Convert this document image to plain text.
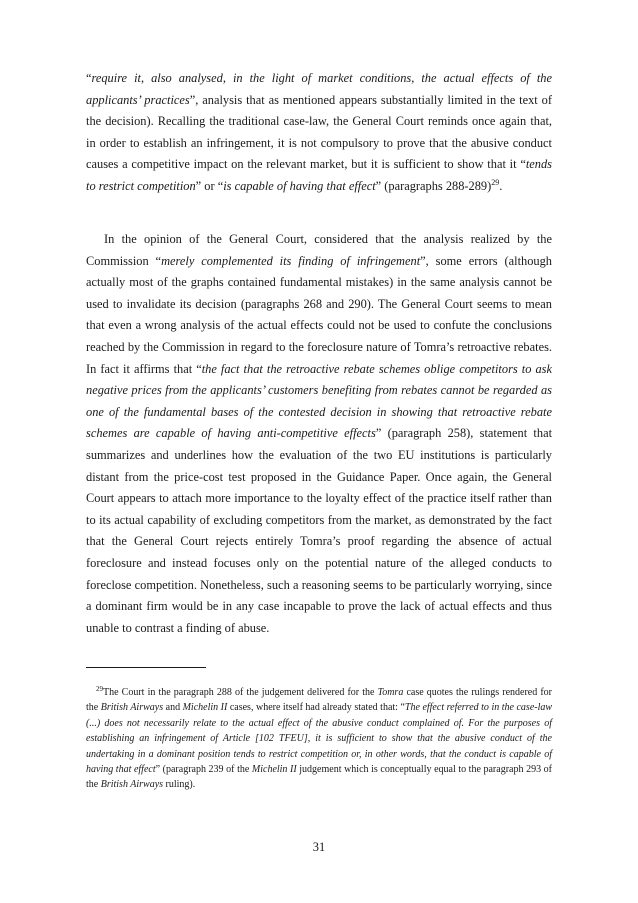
“require it, also analysed, in the light of market conditions, the actual effects of the applicants’ practices”, analysis that as mentioned appears substantially limited in the text of the decision). Recalling the traditional case-law, the General Court reminds once again that, in order to establish an infringement, it is not compulsory to prove that the abusive conduct causes a competitive impact on the relevant market, but it is sufficient to show that it “tends to restrict competition” or “is capable of having that effect” (paragraphs 288-289)$^{29}$.

In the opinion of the General Court, considered that the analysis realized by the Commission “merely complemented its finding of infringement”, some errors (although actually most of the graphs contained fundamental mistakes) in the same analysis cannot be used to invalidate its decision (paragraphs 268 and 290). The General Court seems to mean that even a wrong analysis of the actual effects could not be used to confute the conclusions reached by the Commission in regard to the foreclosure nature of Tomra’s retroactive rebates. In fact it affirms that “the fact that the retroactive rebate schemes oblige competitors to ask negative prices from the applicants’ customers benefiting from rebates cannot be regarded as one of the fundamental bases of the contested decision in showing that retroactive rebate schemes are capable of having anti-competitive effects” (paragraph 258), statement that summarizes and underlines how the evaluation of the two EU institutions is particularly distant from the price-cost test proposed in the Guidance Paper. Once again, the General Court appears to attach more importance to the loyalty effect of the practice itself rather than to its actual capability of excluding competitors from the market, as demonstrated by the fact that the General Court rejects entirely Tomra’s proof regarding the absence of actual foreclosure and instead focuses only on the potential nature of the alleged conducts to foreclose competition. Nonetheless, such a reasoning seems to be particularly worrying, since a dominant firm would be in any case incapable to prove the lack of actual effects and thus unable to contrast a finding of abuse.

$^{29}$The Court in the paragraph 288 of the judgement delivered for the Tomra case quotes the rulings rendered for the British Airways and Michelin II cases, where itself had already stated that: “The effect referred to in the case-law (...) does not necessarily relate to the actual effect of the abusive conduct complained of. For the purposes of establishing an infringement of Article [102 TFEU], it is sufficient to show that the abusive conduct of the undertaking in a dominant position tends to restrict competition or, in other words, that the conduct is capable of having that effect” (paragraph 239 of the Michelin II judgement which is conceptually equal to the paragraph 293 of the British Airways ruling).

31
